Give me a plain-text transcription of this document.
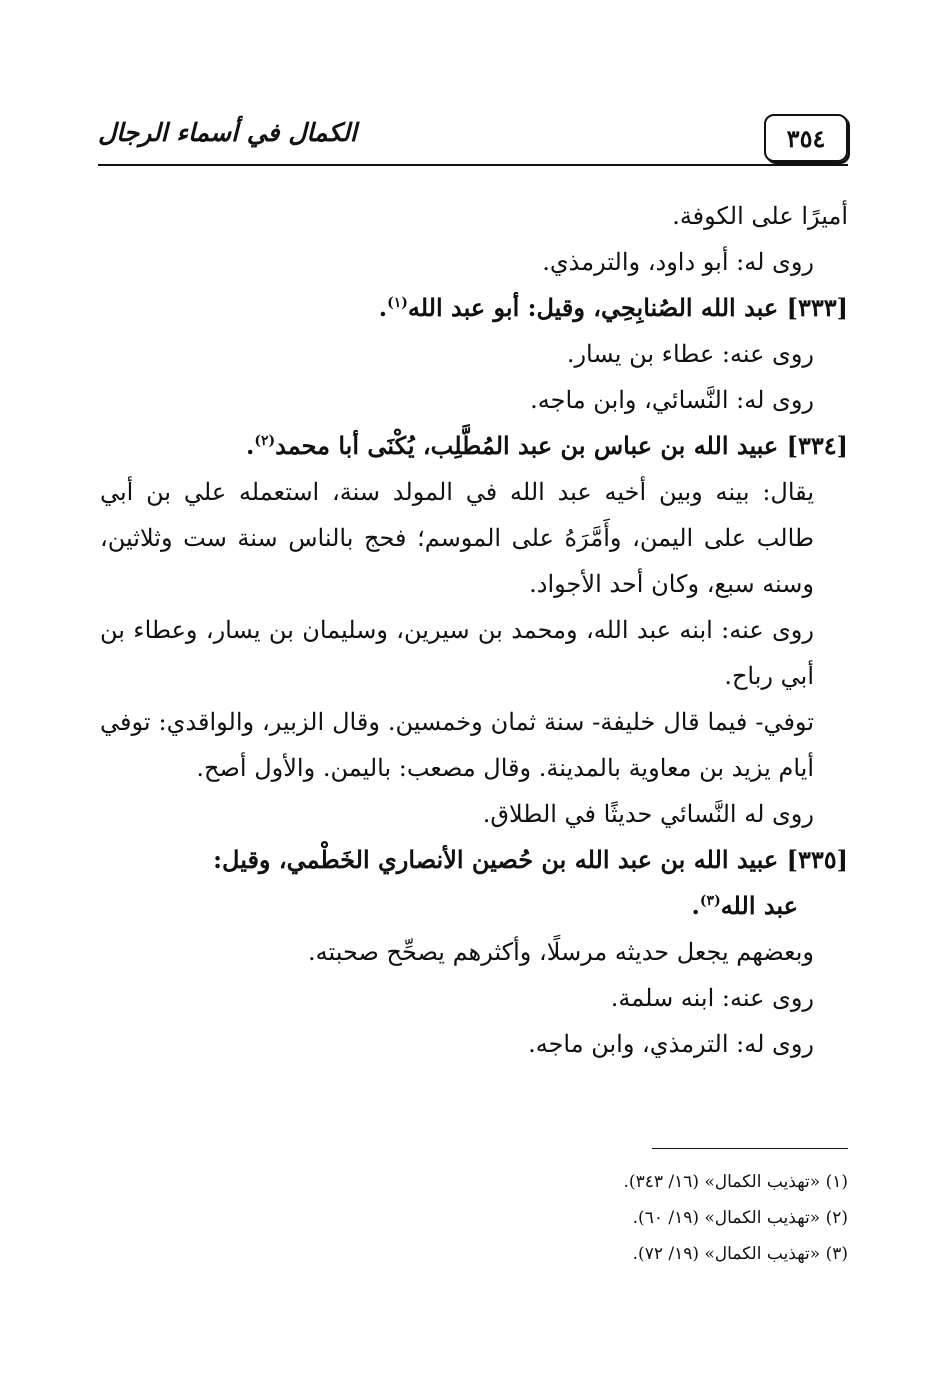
٣٥٤
الكمال في أسماء الرجال

أميرًا على الكوفة.

روى له: أبو داود، والترمذي.

[٣٣٣] عبد الله الصُنابِحِي، وقيل: أبو عبد الله$^{(١)}$.

روى عنه: عطاء بن يسار.

روى له: النَّسائي، وابن ماجه.

[٣٣٤] عبيد الله بن عباس بن عبد المُطَّلِب، يُكْنَى أبا محمد$^{(٢)}$.

يقال: بينه وبين أخيه عبد الله في المولد سنة، استعمله علي بن أبي طالب على اليمن، وأَمَّرَهُ على الموسم؛ فحج بالناس سنة ست وثلاثين، وسنه سبع، وكان أحد الأجواد.

روى عنه: ابنه عبد الله، ومحمد بن سيرين، وسليمان بن يسار، وعطاء بن أبي رباح.

توفي- فيما قال خليفة- سنة ثمان وخمسين. وقال الزبير، والواقدي: توفي أيام يزيد بن معاوية بالمدينة. وقال مصعب: باليمن. والأول أصح.

روى له النَّسائي حديثًا في الطلاق.

[٣٣٥] عبيد الله بن عبد الله بن حُصين الأنصاري الخَطْمي، وقيل:

عبد الله$^{(٣)}$.

وبعضهم يجعل حديثه مرسلًا، وأكثرهم يصحِّح صحبته.

روى عنه: ابنه سلمة.

روى له: الترمذي، وابن ماجه.

(١) «تهذيب الكمال» (١٦/ ٣٤٣).

(٢) «تهذيب الكمال» (١٩/ ٦٠).

(٣) «تهذيب الكمال» (١٩/ ٧٢).
